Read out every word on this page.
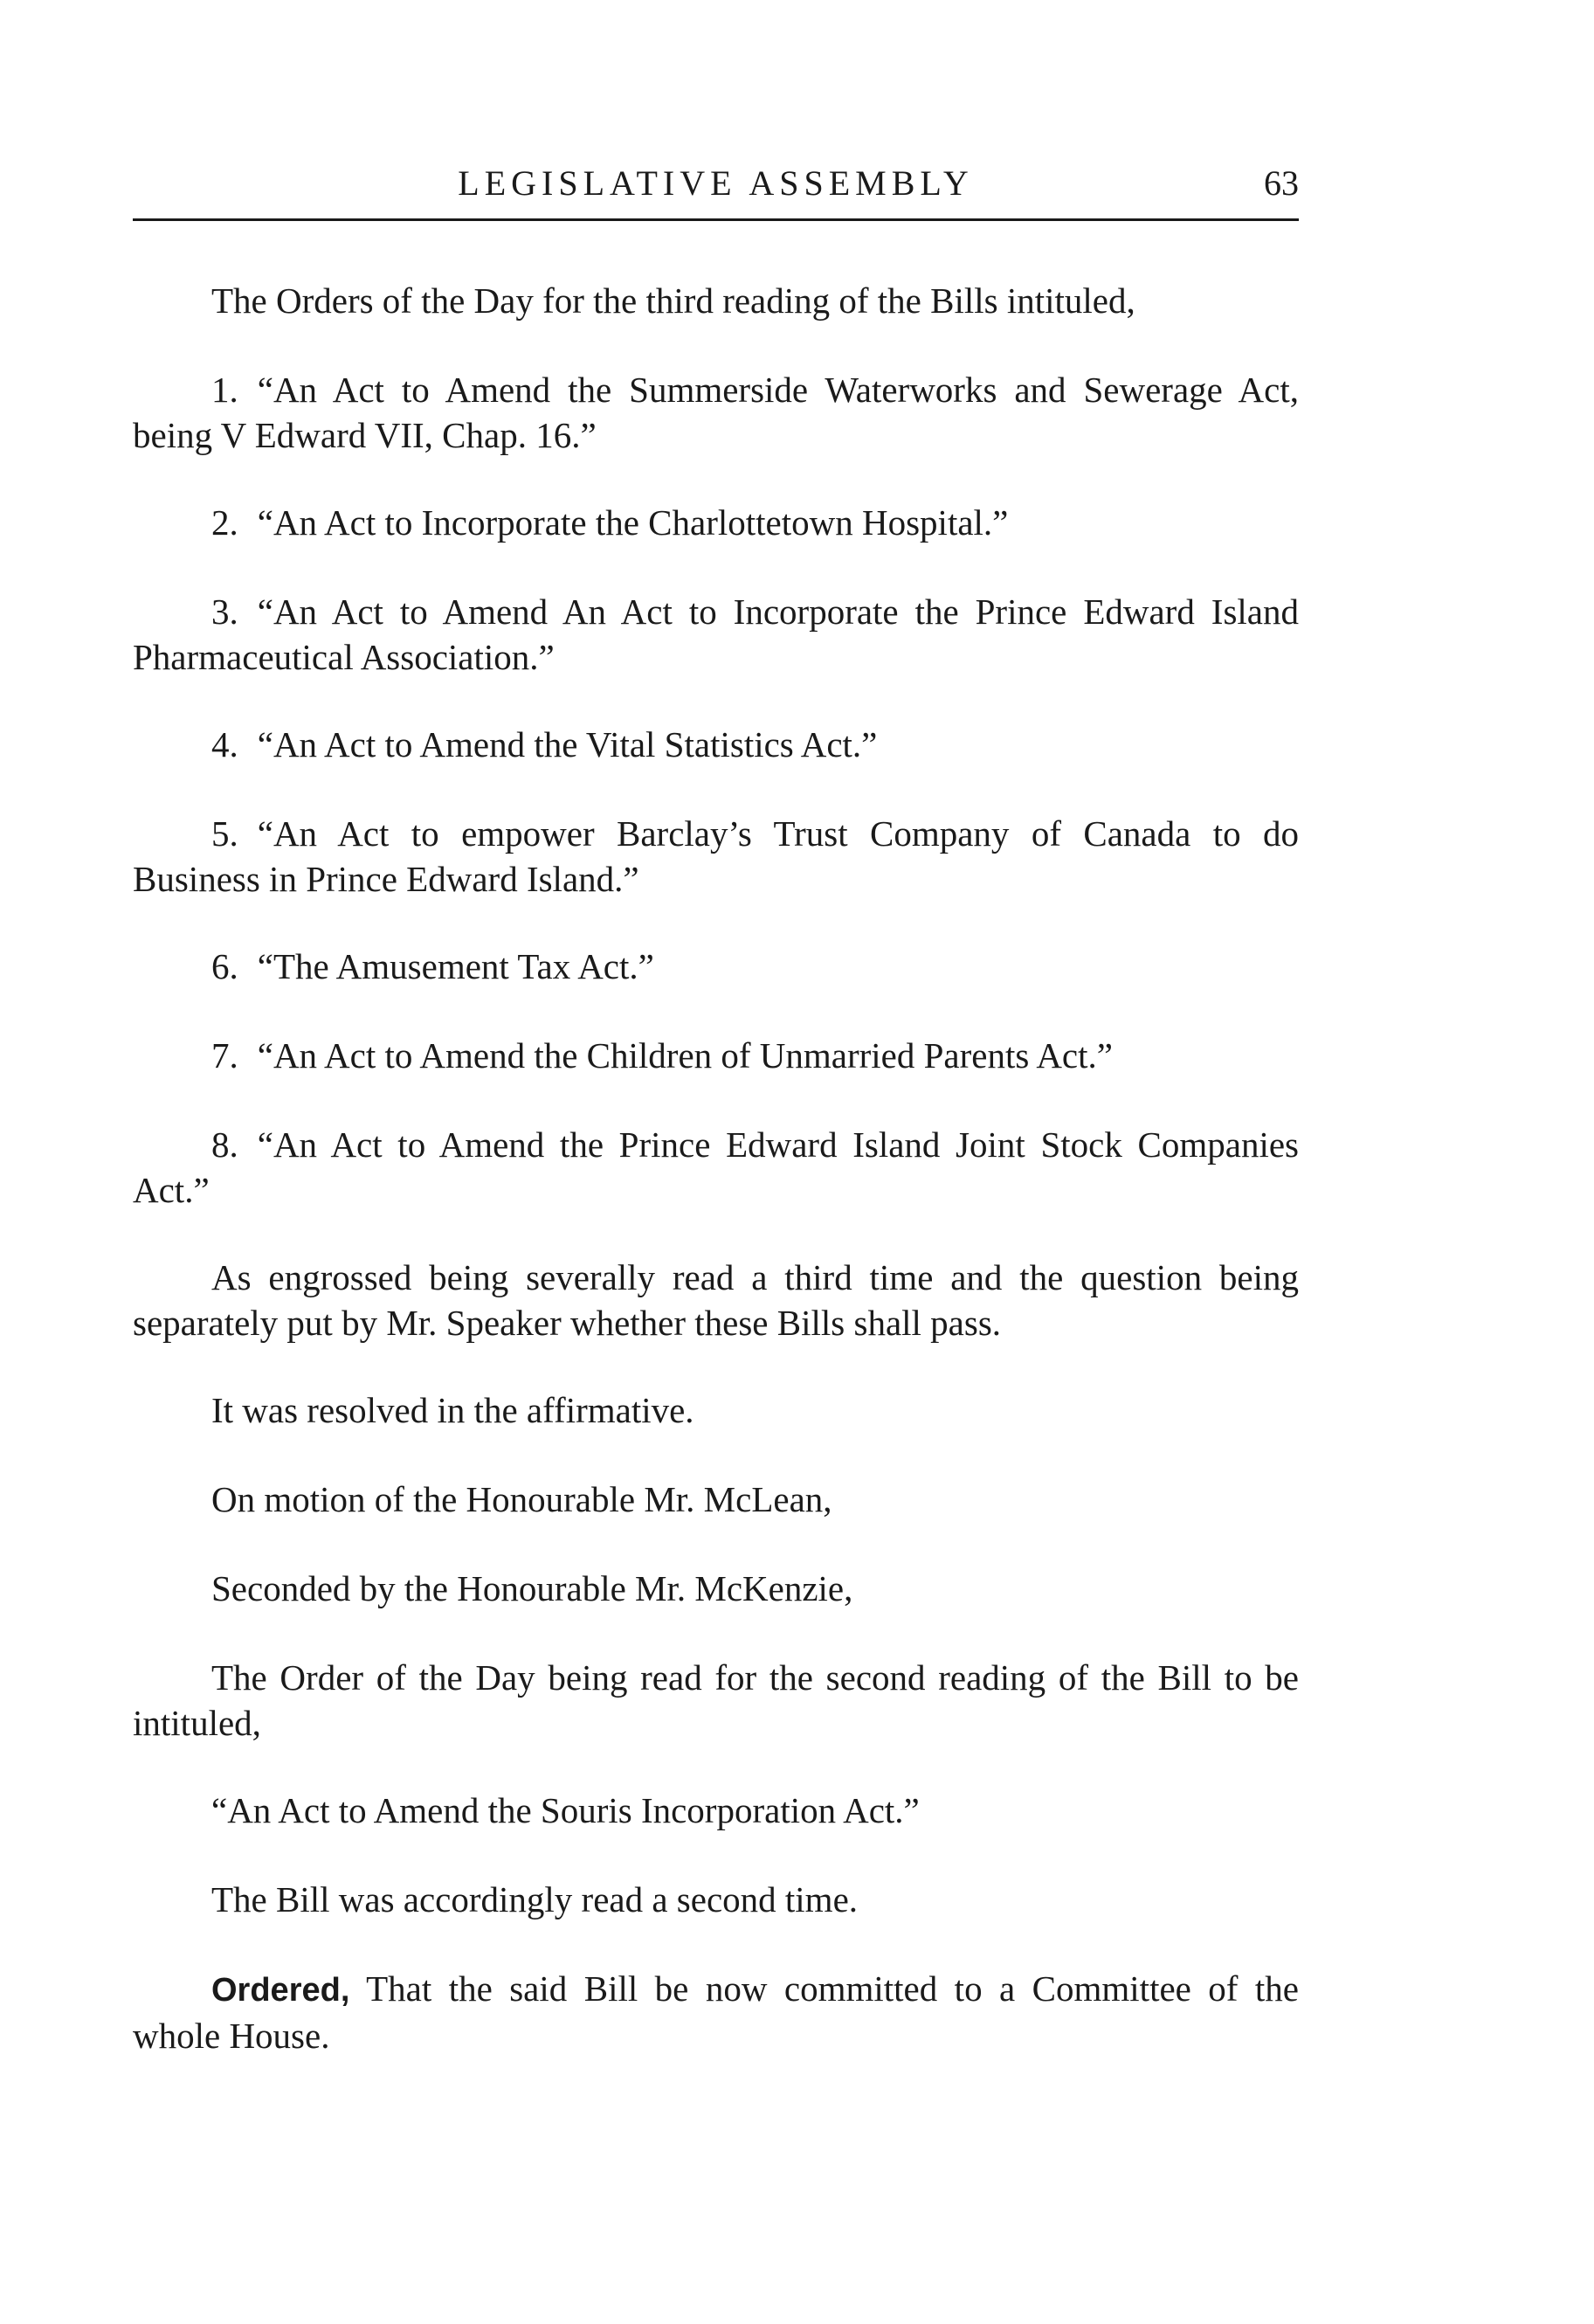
LEGISLATIVE ASSEMBLY	63

The Orders of the Day for the third reading of the Bills intituled,

1. “An Act to Amend the Summerside Waterworks and Sewerage Act, being V Edward VII, Chap. 16.”

2. “An Act to Incorporate the Charlottetown Hospital.”

3. “An Act to Amend An Act to Incorporate the Prince Edward Island Pharmaceutical Association.”

4. “An Act to Amend the Vital Statistics Act.”

5. “An Act to empower Barclay’s Trust Company of Canada to do Business in Prince Edward Island.”

6. “The Amusement Tax Act.”

7. “An Act to Amend the Children of Unmarried Parents Act.”

8. “An Act to Amend the Prince Edward Island Joint Stock Companies Act.”

As engrossed being severally read a third time and the question being separately put by Mr. Speaker whether these Bills shall pass.

It was resolved in the affirmative.

On motion of the Honourable Mr. McLean,

Seconded by the Honourable Mr. McKenzie,

The Order of the Day being read for the second reading of the Bill to be intituled,

“An Act to Amend the Souris Incorporation Act.”

The Bill was accordingly read a second time.

Ordered, That the said Bill be now committed to a Committee of the whole House.
